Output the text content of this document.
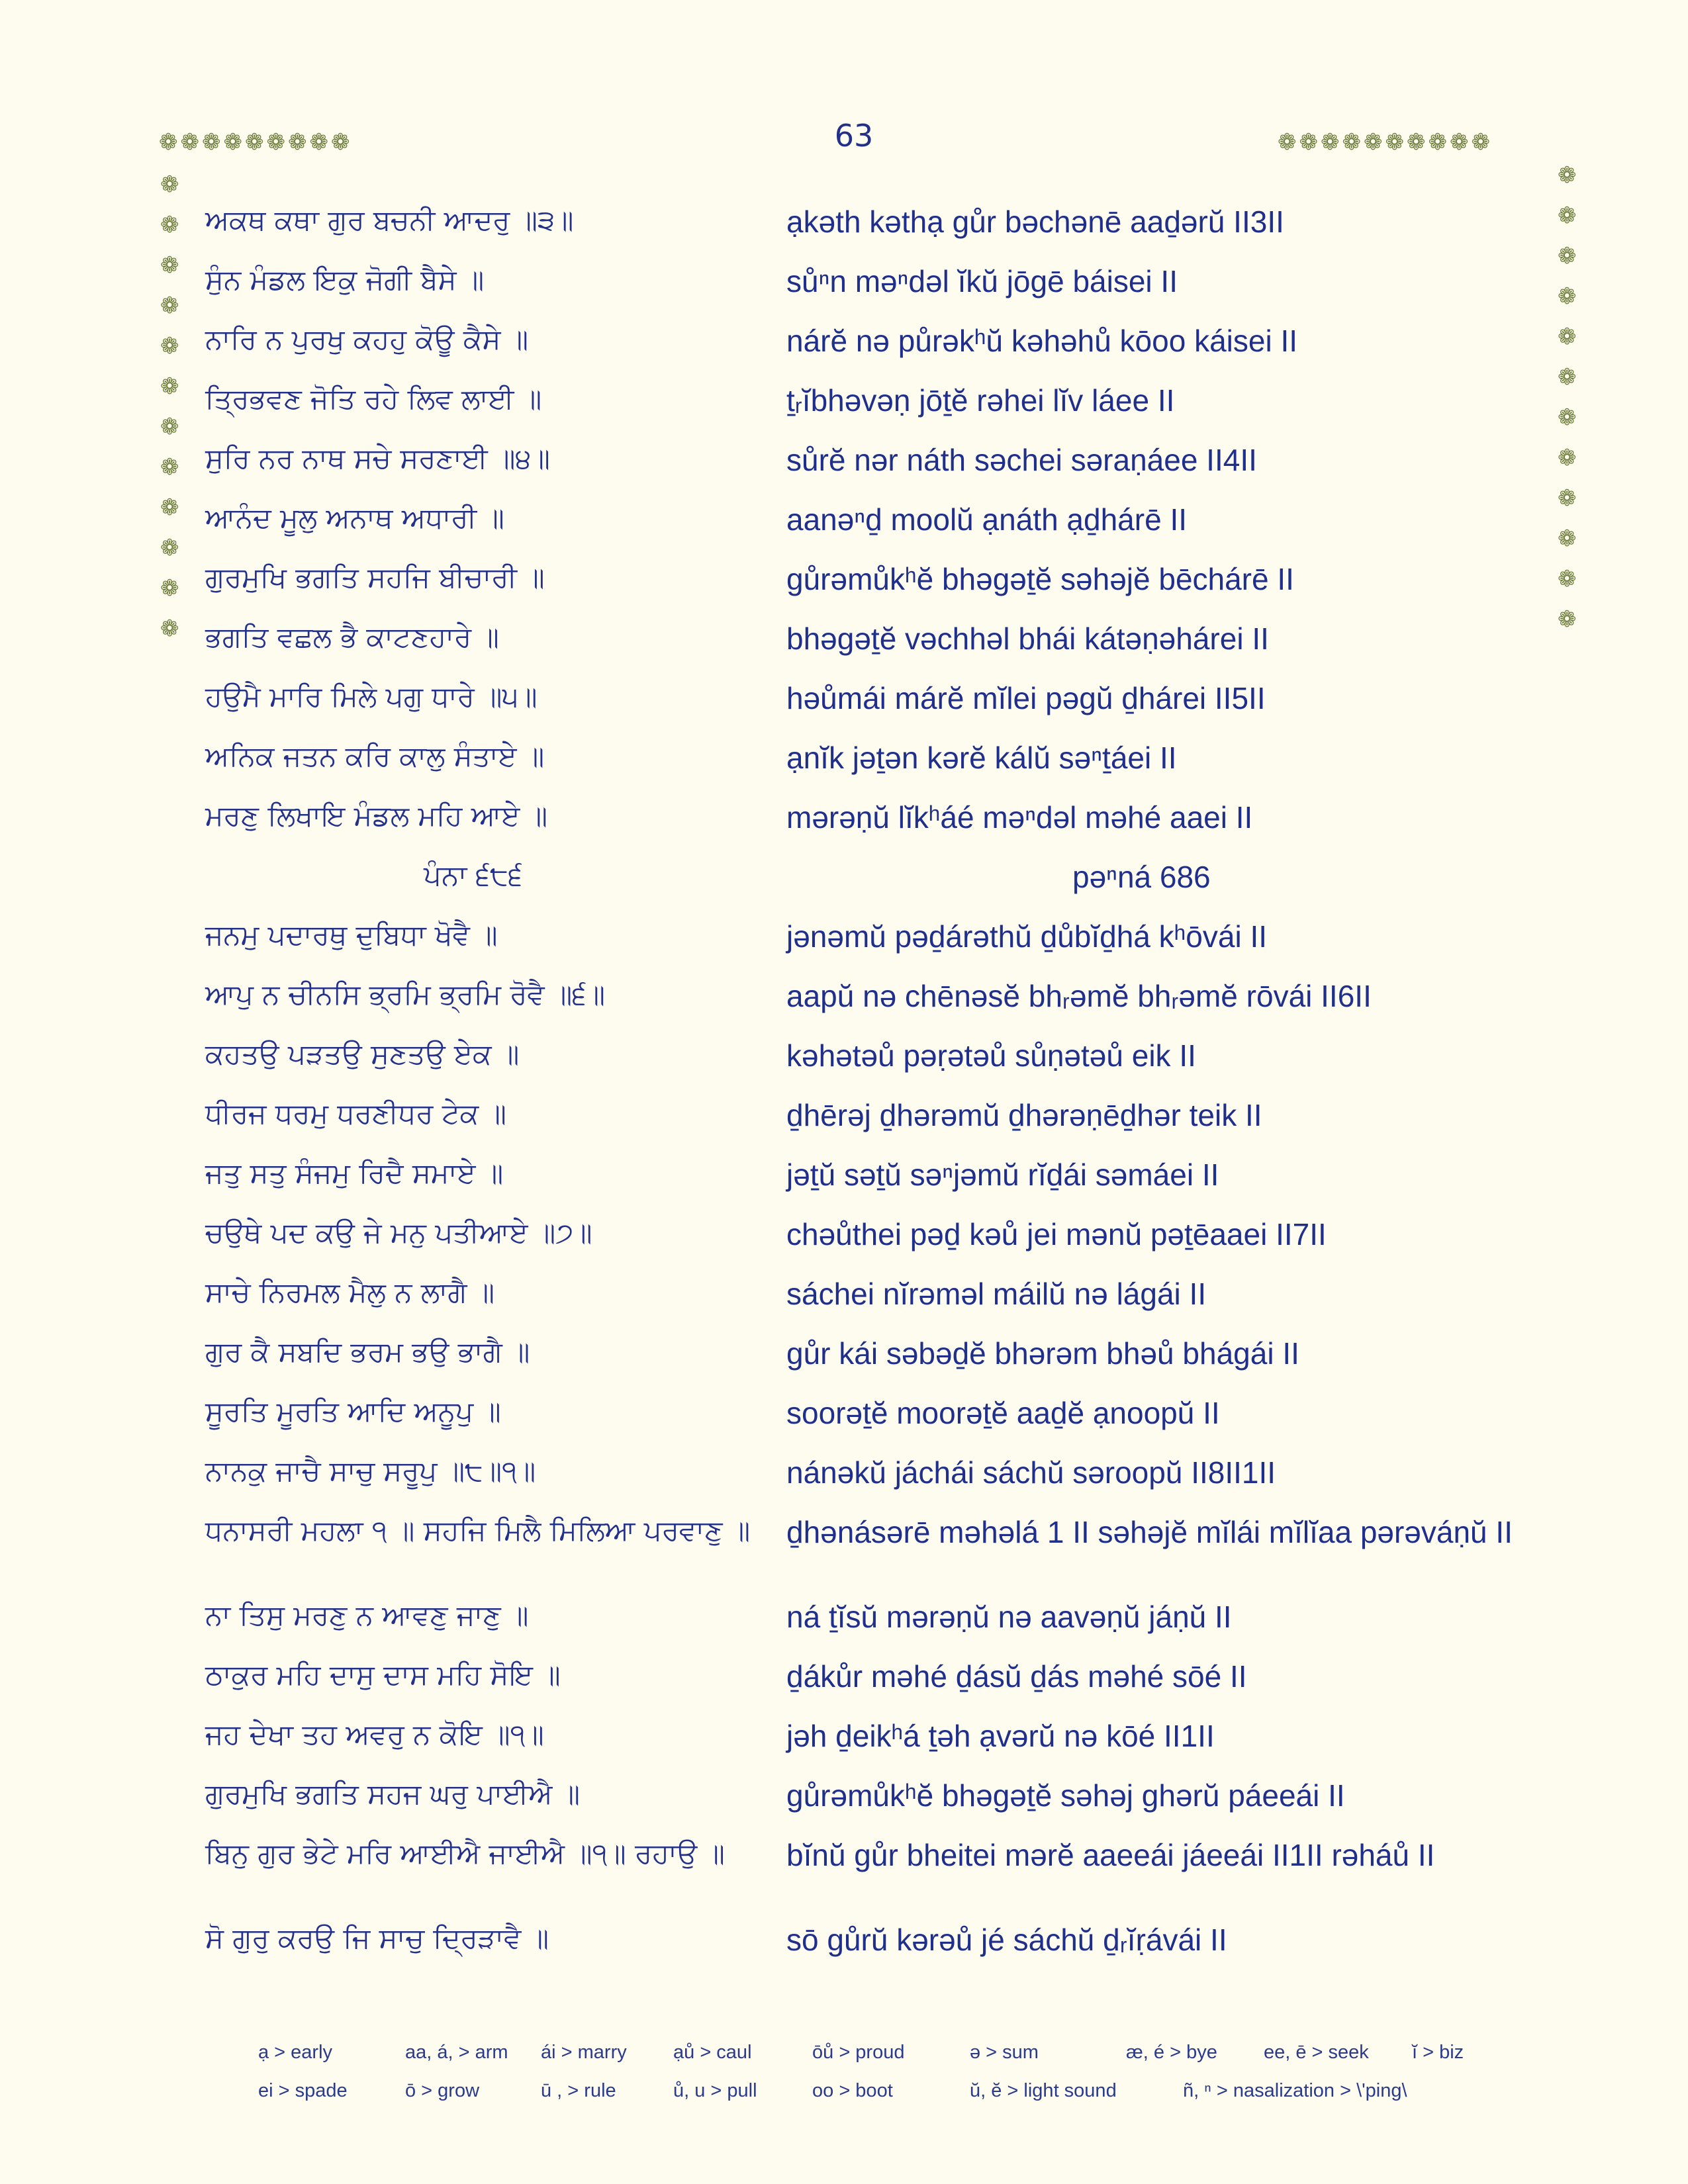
63
❁❁❁❁❁❁❁❁❁	❁❁❁❁❁❁❁❁❁❁
❁
❁
❁
❁
❁
❁
❁
❁
❁
❁
❁
❁
❁
❁
❁
❁
❁
❁
❁
❁
❁
❁
❁
❁
ਅਕਥ ਕਥਾ ਗੁਰ ਬਚਨੀ ਆਦਰੁ ॥੩॥	ạkəth kəthạ gůr bəchənē aaḏərŭ II3II
ਸੁੰਨ ਮੰਡਲ ਇਕੁ ਜੋਗੀ ਬੈਸੇ ॥	sůⁿn məⁿdəl ĭkŭ jōgē báisei II
ਨਾਰਿ ਨ ਪੁਰਖੁ ਕਹਹੁ ਕੋਊ ਕੈਸੇ ॥	nárĕ nə půrəkʰŭ kəhəhů kōoo káisei II
ਤ੍ਰਿਭਵਣ ਜੋਤਿ ਰਹੇ ਲਿਵ ਲਾਈ ॥	ṯᵣĭbhəvəṇ jōṯĕ rəhei lĭv láee II
ਸੁਰਿ ਨਰ ਨਾਥ ਸਚੇ ਸਰਣਾਈ ॥੪॥	sůrĕ nər náth səchei səraṇáee II4II
ਆਨੰਦ ਮੂਲੁ ਅਨਾਥ ਅਧਾਰੀ ॥	aanəⁿḏ moolŭ ạnáth ạḏhárē II
ਗੁਰਮੁਖਿ ਭਗਤਿ ਸਹਜਿ ਬੀਚਾਰੀ ॥	gůrəmůkʰĕ bhəgəṯĕ səhəjĕ bēchárē II
ਭਗਤਿ ਵਛਲ ਭੈ ਕਾਟਣਹਾਰੇ ॥	bhəgəṯĕ vəchhəl bhái kátəṇəhárei II
ਹਉਮੈ ਮਾਰਿ ਮਿਲੇ ਪਗੁ ਧਾਰੇ ॥੫॥	həůmái márĕ mĭlei pəgŭ ḏhárei II5II
ਅਨਿਕ ਜਤਨ ਕਰਿ ਕਾਲੁ ਸੰਤਾਏ ॥	ạnĭk jəṯən kərĕ kálŭ səⁿṯáei II
ਮਰਣੁ ਲਿਖਾਇ ਮੰਡਲ ਮਹਿ ਆਏ ॥	mərəṇŭ lĭkʰáé məⁿdəl məhé aaei II
ਪੰਨਾ ੬੮੬	pəⁿná 686
ਜਨਮੁ ਪਦਾਰਥੁ ਦੁਬਿਧਾ ਖੋਵੈ ॥	jənəmŭ pəḏárəthŭ ḏůbĭḏhá kʰōvái II
ਆਪੁ ਨ ਚੀਨਸਿ ਭ੍ਰਮਿ ਭ੍ਰਮਿ ਰੋਵੈ ॥੬॥	aapŭ nə chēnəsĕ bhᵣəmĕ bhᵣəmĕ rōvái II6II
ਕਹਤਉ ਪੜਤਉ ਸੁਣਤਉ ਏਕ ॥	kəhətəů pəṛətəů sůṇətəů eik II
ਧੀਰਜ ਧਰਮੁ ਧਰਣੀਧਰ ਟੇਕ ॥	ḏhērəj ḏhərəmŭ ḏhərəṇēḏhər teik II
ਜਤੁ ਸਤੁ ਸੰਜਮੁ ਰਿਦੈ ਸਮਾਏ ॥	jəṯŭ səṯŭ səⁿjəmŭ rĭḏái səmáei II
ਚਉਥੇ ਪਦ ਕਉ ਜੇ ਮਨੁ ਪਤੀਆਏ ॥੭॥	chəůthei pəḏ kəů jei mənŭ pəṯēaaei II7II
ਸਾਚੇ ਨਿਰਮਲ ਮੈਲੁ ਨ ਲਾਗੈ ॥	sáchei nĭrəməl máilŭ nə lágái II
ਗੁਰ ਕੈ ਸਬਦਿ ਭਰਮ ਭਉ ਭਾਗੈ ॥	gůr kái səbəḏĕ bhərəm bhəů bhágái II
ਸੂਰਤਿ ਮੂਰਤਿ ਆਦਿ ਅਨੂਪੁ ॥	soorəṯĕ moorəṯĕ aaḏĕ ạnoopŭ II
ਨਾਨਕੁ ਜਾਚੈ ਸਾਚੁ ਸਰੂਪੁ ॥੮॥੧॥	nánəkŭ jáchái sáchŭ səroopŭ II8II1II
ਧਨਾਸਰੀ ਮਹਲਾ ੧ ॥ ਸਹਜਿ ਮਿਲੈ ਮਿਲਿਆ ਪਰਵਾਣੁ ॥	ḏhənásərē məhəlá 1 II səhəjĕ mĭlái mĭlĭaa pərəváṇŭ II
ਨਾ ਤਿਸੁ ਮਰਣੁ ਨ ਆਵਣੁ ਜਾਣੁ ॥	ná ṯĭsŭ mərəṇŭ nə aavəṇŭ jáṇŭ II
ਠਾਕੁਰ ਮਹਿ ਦਾਸੁ ਦਾਸ ਮਹਿ ਸੋਇ ॥	ḏákůr məhé ḏásŭ ḏás məhé sōé II
ਜਹ ਦੇਖਾ ਤਹ ਅਵਰੁ ਨ ਕੋਇ ॥੧॥	jəh ḏeikʰá ṯəh ạvərŭ nə kōé II1II
ਗੁਰਮੁਖਿ ਭਗਤਿ ਸਹਜ ਘਰੁ ਪਾਈਐ ॥	gůrəmůkʰĕ bhəgəṯĕ səhəj ghərŭ páeeái II
ਬਿਨੁ ਗੁਰ ਭੇਟੇ ਮਰਿ ਆਈਐ ਜਾਈਐ ॥੧॥ ਰਹਾਉ ॥	bĭnŭ gůr bheitei mərĕ aaeeái jáeeái II1II rəháů II
ਸੋ ਗੁਰੁ ਕਰਉ ਜਿ ਸਾਚੁ ਦ੍ਰਿੜਾਵੈ ॥	sō gůrŭ kərəů jé sáchŭ ḏᵣĭṛávái II
ạ > early	aa, á, > arm	ái > marry	ạů > caul	ōů > proud	ə > sum	æ, é > bye	ee, ē > seek	ĭ > biz
ei > spade	ō > grow	ū , > rule	ů, u > pull	oo > boot	ŭ, ĕ > light sound	ñ, ⁿ > nasalization > \'ping\
